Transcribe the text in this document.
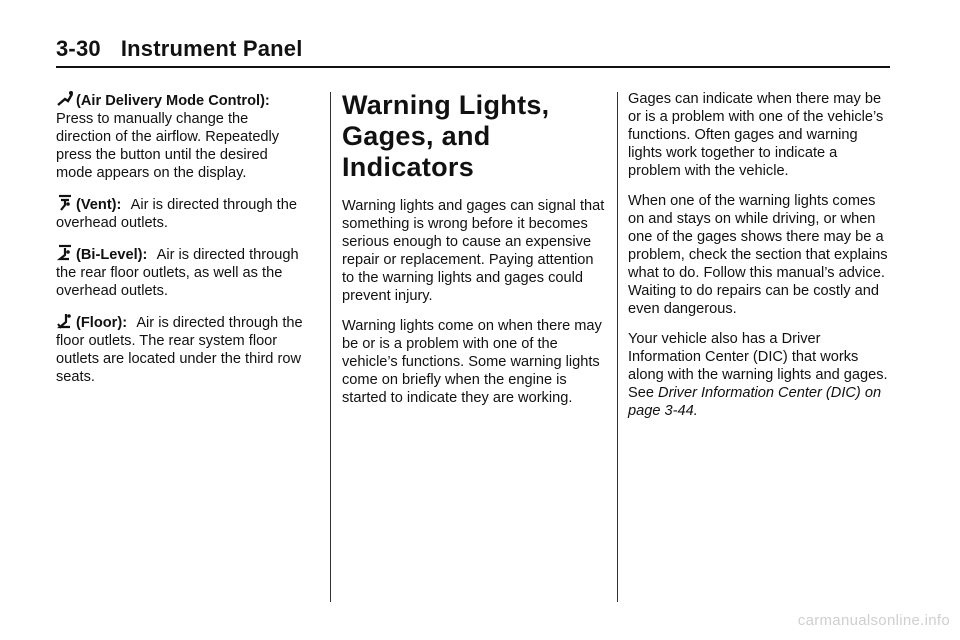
3-30 Instrument Panel

(Air Delivery Mode Control):
Press to manually change the direction of the airflow. Repeatedly press the button until the desired mode appears on the display.

(Vent): Air is directed through the overhead outlets.

(Bi-Level): Air is directed through the rear floor outlets, as well as the overhead outlets.

(Floor): Air is directed through the floor outlets. The rear system floor outlets are located under the third row seats.

Warning Lights, Gages, and Indicators

Warning lights and gages can signal that something is wrong before it becomes serious enough to cause an expensive repair or replacement. Paying attention to the warning lights and gages could prevent injury.

Warning lights come on when there may be or is a problem with one of the vehicle’s functions. Some warning lights come on briefly when the engine is started to indicate they are working.

Gages can indicate when there may be or is a problem with one of the vehicle’s functions. Often gages and warning lights work together to indicate a problem with the vehicle.

When one of the warning lights comes on and stays on while driving, or when one of the gages shows there may be a problem, check the section that explains what to do. Follow this manual’s advice. Waiting to do repairs can be costly and even dangerous.

Your vehicle also has a Driver Information Center (DIC) that works along with the warning lights and gages. See Driver Information Center (DIC) on page 3-44.

carmanualsonline.info
